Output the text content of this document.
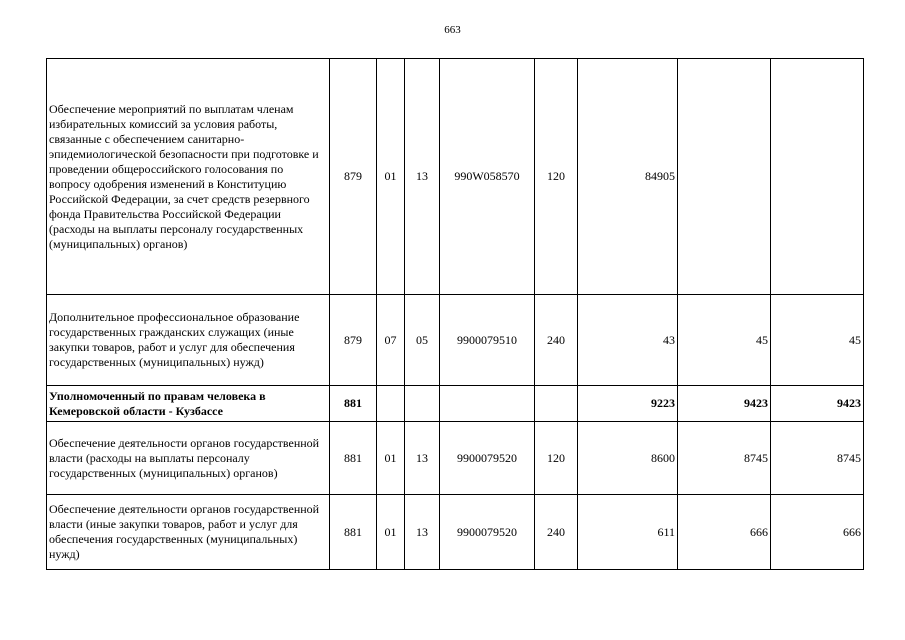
663
Обеспечение мероприятий по выплатам членам избирательных комиссий за условия работы, связанные с обеспечением санитарно-эпидемиологической безопасности при подготовке и проведении общероссийского голосования по вопросу одобрения изменений в Конституцию Российской Федерации, за счет средств резервного фонда Правительства Российской Федерации (расходы на выплаты персоналу государственных (муниципальных) органов)	879	01	13	990W058570	120	84905		
Дополнительное профессиональное образование государственных гражданских служащих (иные закупки товаров, работ и услуг для обеспечения государственных (муниципальных) нужд)	879	07	05	9900079510	240	43	45	45
Уполномоченный по правам человека в Кемеровской области - Кузбассе	881					9223	9423	9423
Обеспечение деятельности органов государственной власти (расходы на выплаты персоналу государственных (муниципальных) органов)	881	01	13	9900079520	120	8600	8745	8745
Обеспечение деятельности органов государственной власти (иные закупки товаров, работ и услуг для обеспечения государственных (муниципальных) нужд)	881	01	13	9900079520	240	611	666	666
